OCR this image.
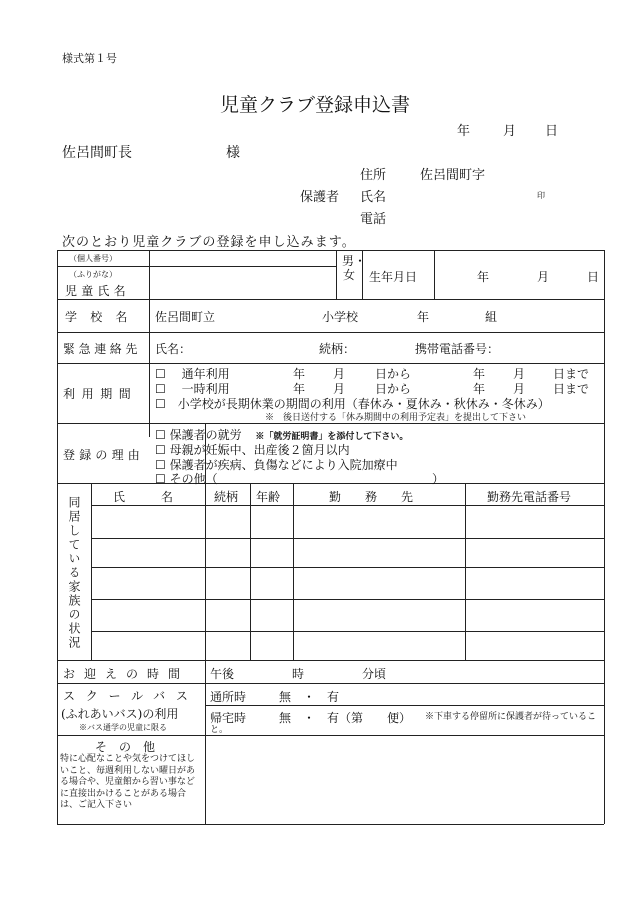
様式第１号
児童クラブ登録申込書
年	月 日
佐呂間町長	様
住所	佐呂間町字
保護者 氏名	印
電話
次のとおり児童クラブの登録を申し込みます。
（個人番号）
（ふりがな）
児童氏名
男・女 生年月日	年	月	日
学校名 佐呂間町立	小学校	年	組
緊急連絡先 氏名：	続柄：	携帯電話番号：
利用期間
☐ 通年利用	年 月 日から	年 月 日まで
☐ 一時利用	年 月 日から	年 月 日まで
☐　小学校が長期休業の期間の利用（春休み・夏休み・秋休み・冬休み）
※　後日送付する「休み期間中の利用予定表」を提出して下さい
登録の理由
☐ 保護者の就労 ※「就労証明書」を添付して下さい。
☐ 母親が妊娠中、出産後２箇月以内
☐ 保護者が疾病、負傷などにより入院加療中
☐ その他（	）
同居している家族の状況	氏　　　名	続柄 年齢	勤　　務　　先	勤務先電話番号
お迎えの時間 午後	時	分頃
スクールバス
(ふれあいバス)の利用
※バス通学の児童に限る
通所時	無　・　有
帰宅時	無　・　有（第　　便）	※下車する停留所に保護者が待っていること。
そ　の　他
特に心配なことや気をつけてほしいこと、毎週利用しない曜日がある場合や、児童館から習い事などに直接出かけることがある場合は、ご記入下さい
